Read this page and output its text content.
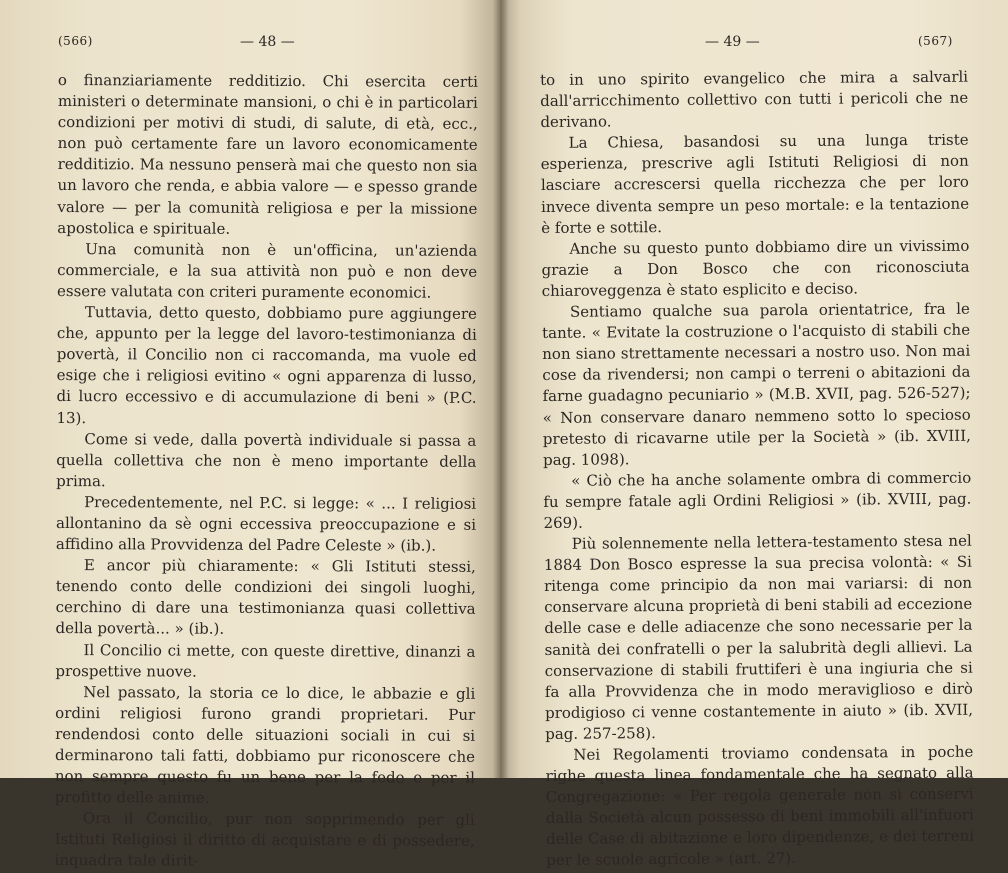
(566)	— 48 —

o finanziariamente redditizio. Chi esercita certi ministeri o determinate mansioni, o chi è in particolari condizioni per motivi di studi, di salute, di età, ecc., non può certamente fare un lavoro economicamente redditizio. Ma nessuno penserà mai che questo non sia un lavoro che renda, e abbia valore — e spesso grande valore — per la comunità religiosa e per la missione apostolica e spirituale.

Una comunità non è un'officina, un'azienda commerciale, e la sua attività non può e non deve essere valutata con criteri puramente economici.

Tuttavia, detto questo, dobbiamo pure aggiungere che, appunto per la legge del lavoro-testimonianza di povertà, il Concilio non ci raccomanda, ma vuole ed esige che i religiosi evitino « ogni apparenza di lusso, di lucro eccessivo e di accumulazione di beni » (P.C. 13).

Come si vede, dalla povertà individuale si passa a quella collettiva che non è meno importante della prima.

Precedentemente, nel P.C. si legge: « ... I religiosi allontanino da sè ogni eccessiva preoccupazione e si affidino alla Provvidenza del Padre Celeste » (ib.).

E ancor più chiaramente: « Gli Istituti stessi, tenendo conto delle condizioni dei singoli luoghi, cerchino di dare una testimonianza quasi collettiva della povertà... » (ib.).

Il Concilio ci mette, con queste direttive, dinanzi a prospettive nuove.

Nel passato, la storia ce lo dice, le abbazie e gli ordini religiosi furono grandi proprietari. Pur rendendosi conto delle situazioni sociali in cui si derminarono tali fatti, dobbiamo pur riconoscere che non sempre questo fu un bene per la fede e per il profitto delle anime.

Ora il Concilio, pur non sopprimendo per gli Istituti Religiosi il diritto di acquistare e di possedere, inquadra tale dirit-

— 49 —	(567)

to in uno spirito evangelico che mira a salvarli dall'arricchimento collettivo con tutti i pericoli che ne derivano.

La Chiesa, basandosi su una lunga triste esperienza, prescrive agli Istituti Religiosi di non lasciare accrescersi quella ricchezza che per loro invece diventa sempre un peso mortale: e la tentazione è forte e sottile.

Anche su questo punto dobbiamo dire un vivissimo grazie a Don Bosco che con riconosciuta chiaroveggenza è stato esplicito e deciso.

Sentiamo qualche sua parola orientatrice, fra le tante. « Evitate la costruzione o l'acquisto di stabili che non siano strettamente necessari a nostro uso. Non mai cose da rivendersi; non campi o terreni o abitazioni da farne guadagno pecuniario » (M.B. XVII, pag. 526-527); « Non conservare danaro nemmeno sotto lo specioso pretesto di ricavarne utile per la Società » (ib. XVIII, pag. 1098).

« Ciò che ha anche solamente ombra di commercio fu sempre fatale agli Ordini Religiosi » (ib. XVIII, pag. 269).

Più solennemente nella lettera-testamento stesa nel 1884 Don Bosco espresse la sua precisa volontà: « Si ritenga come principio da non mai variarsi: di non conservare alcuna proprietà di beni stabili ad eccezione delle case e delle adiacenze che sono necessarie per la sanità dei confratelli o per la salubrità degli allievi. La conservazione di stabili fruttiferi è una ingiuria che si fa alla Provvidenza che in modo meraviglioso e dirò prodigioso ci venne costantemente in aiuto » (ib. XVII, pag. 257-258).

Nei Regolamenti troviamo condensata in poche righe questa linea fondamentale che ha segnato alla Congregazione: « Per regola generale non si conservi dalla Società alcun possesso di beni immobili all'infuori delle Case di abitazione e loro dipendenze, e dei terreni per le scuole agricole » (art. 27).
